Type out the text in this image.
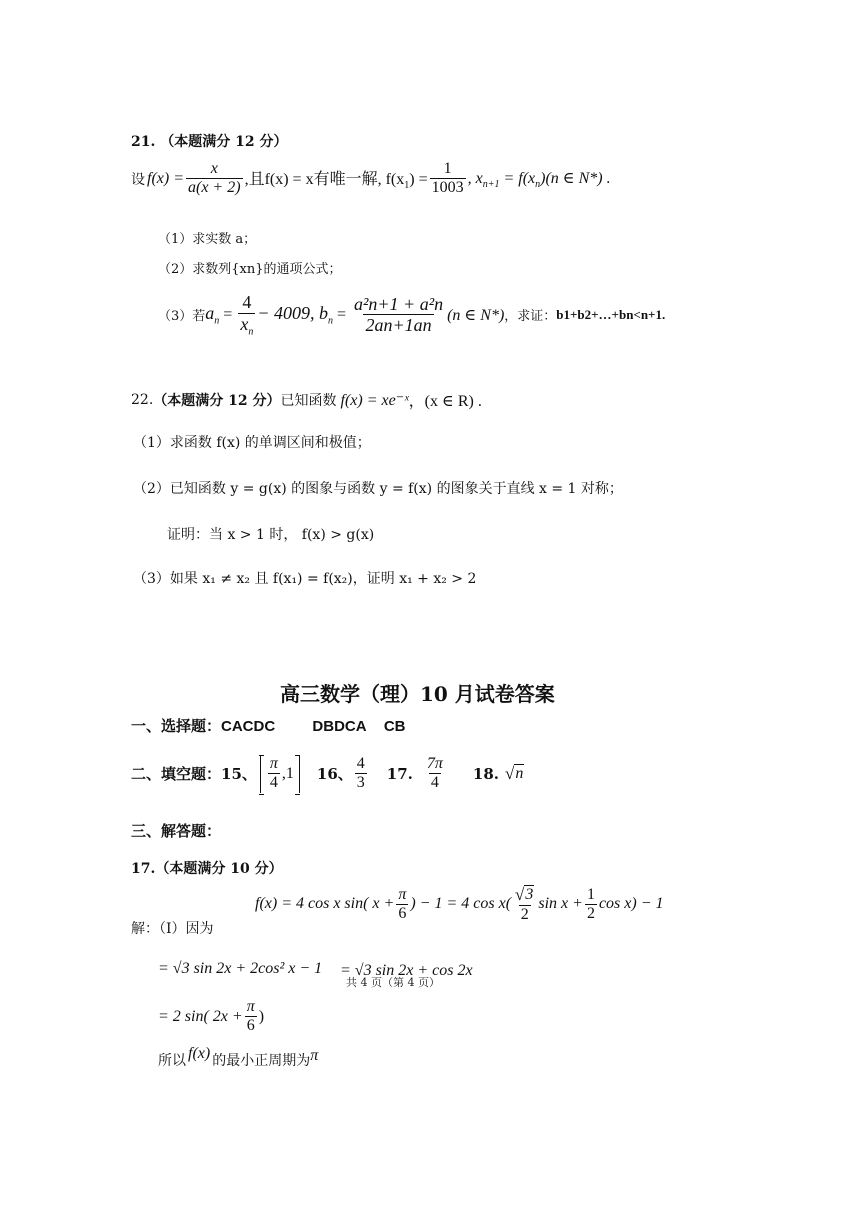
21. （本题满分 12 分）
设 $f(x) = \frac{x}{a(x + 2)}$ ,且f(x) = x有唯一解, $f(x_1) = \frac{1}{1003}$ , $x_{n+1} = f(x_n)(n$ ∈ N*) .
（1）求实数 a；
（2）求数列{xn}的通项公式；
（3）若 $a_n = \frac{4}{x_n} - 4009$, $b_n = \frac{\text{a²n+1 + a²n}}{2an+1an} (n$ ∈ N*) ，求证： b1+b2+…+bn<n+1.
22. （本题满分 12 分） 已知函数 f(x) = xe⁻ˣ ，(x ∈ R) .
（1）求函数 f(x) 的单调区间和极值；
（2）已知函数 y = g(x) 的图象与函数 y = f(x) 的图象关于直线 x = 1 对称；
证明：当 x > 1 时， f(x) > g(x)
（3）如果 x₁ ≠ x₂ 且 f(x₁) = f(x₂)，证明 x₁ + x₂ > 2
高三数学（理）10 月试卷答案
一、选择题：CACDC DBDCA CB
二、填空题： 15、 $\frac{\pi}{4} ,1$ 16、 $\frac{4}{3} 17$. $\frac{7\pi}{4} 18$. √ n
三、解答题：
17.（本题满分 10 分）
解：（Ⅰ）因为
f(x) = 4 cos x sin( $x + \frac{\pi}{6}$ ) − 1 = 4 $\cos x( \frac{√ 3}{2}$ $\sin x + \frac{1}{2}$ cos x) − 1
= √3 sin 2x + 2cos² x − 1 = √3 sin 2x + cos 2x
共 4 页（第 4 页）
= 2 sin( $2x + \frac{\pi}{6}$ )
所以 f(x) 的最小正周期为 π
